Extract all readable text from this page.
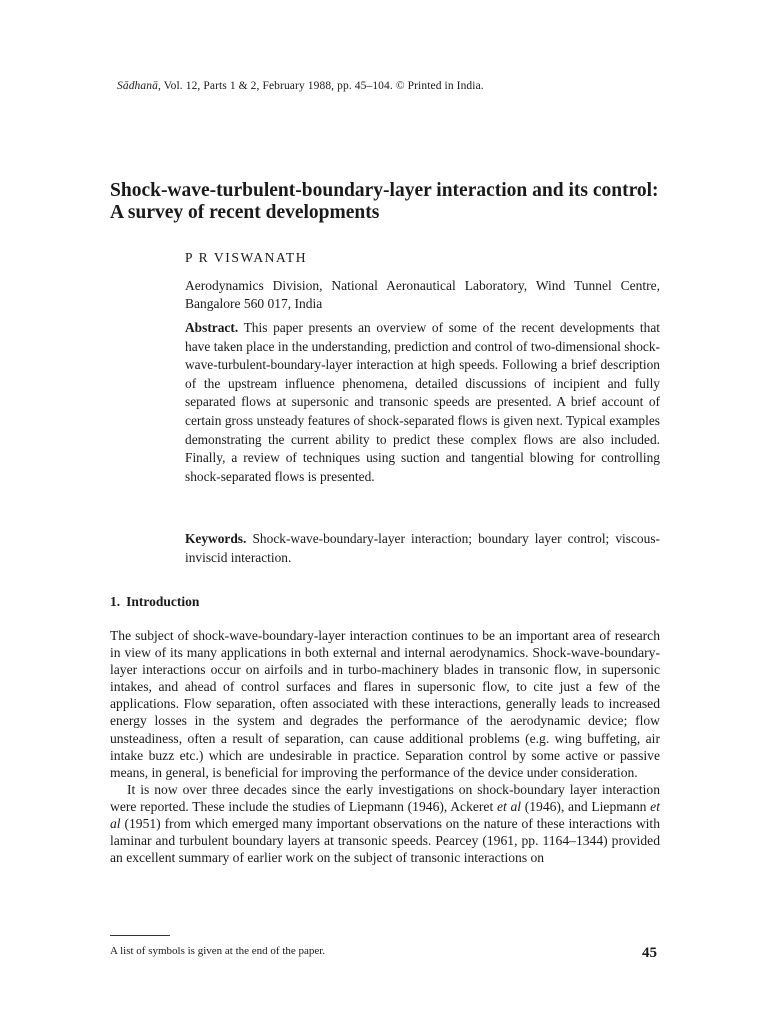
Sādhanā, Vol. 12, Parts 1 & 2, February 1988, pp. 45–104. © Printed in India.
Shock-wave-turbulent-boundary-layer interaction and its control: A survey of recent developments
P R VISWANATH
Aerodynamics Division, National Aeronautical Laboratory, Wind Tunnel Centre, Bangalore 560 017, India

Abstract. This paper presents an overview of some of the recent developments that have taken place in the understanding, prediction and control of two-dimensional shock-wave-turbulent-boundary-layer interaction at high speeds. Following a brief description of the upstream influence phenomena, detailed discussions of incipient and fully separated flows at supersonic and transonic speeds are presented. A brief account of certain gross unsteady features of shock-separated flows is given next. Typical examples demonstrating the current ability to predict these complex flows are also included. Finally, a review of techniques using suction and tangential blowing for controlling shock-separated flows is presented.

Keywords. Shock-wave-boundary-layer interaction; boundary layer control; viscous-inviscid interaction.

1. Introduction

The subject of shock-wave-boundary-layer interaction continues to be an important area of research in view of its many applications in both external and internal aerodynamics. Shock-wave-boundary-layer interactions occur on airfoils and in turbo-machinery blades in transonic flow, in supersonic intakes, and ahead of control surfaces and flares in supersonic flow, to cite just a few of the applications. Flow separation, often associated with these interactions, generally leads to increased energy losses in the system and degrades the performance of the aerodynamic device; flow unsteadiness, often a result of separation, can cause additional problems (e.g. wing buffeting, air intake buzz etc.) which are undesirable in practice. Separation control by some active or passive means, in general, is beneficial for improving the performance of the device under consideration.

It is now over three decades since the early investigations on shock-boundary layer interaction were reported. These include the studies of Liepmann (1946), Ackeret et al (1946), and Liepmann et al (1951) from which emerged many important observations on the nature of these interactions with laminar and turbulent boundary layers at transonic speeds. Pearcey (1961, pp. 1164–1344) provided an excellent summary of earlier work on the subject of transonic interactions on

A list of symbols is given at the end of the paper.	45
